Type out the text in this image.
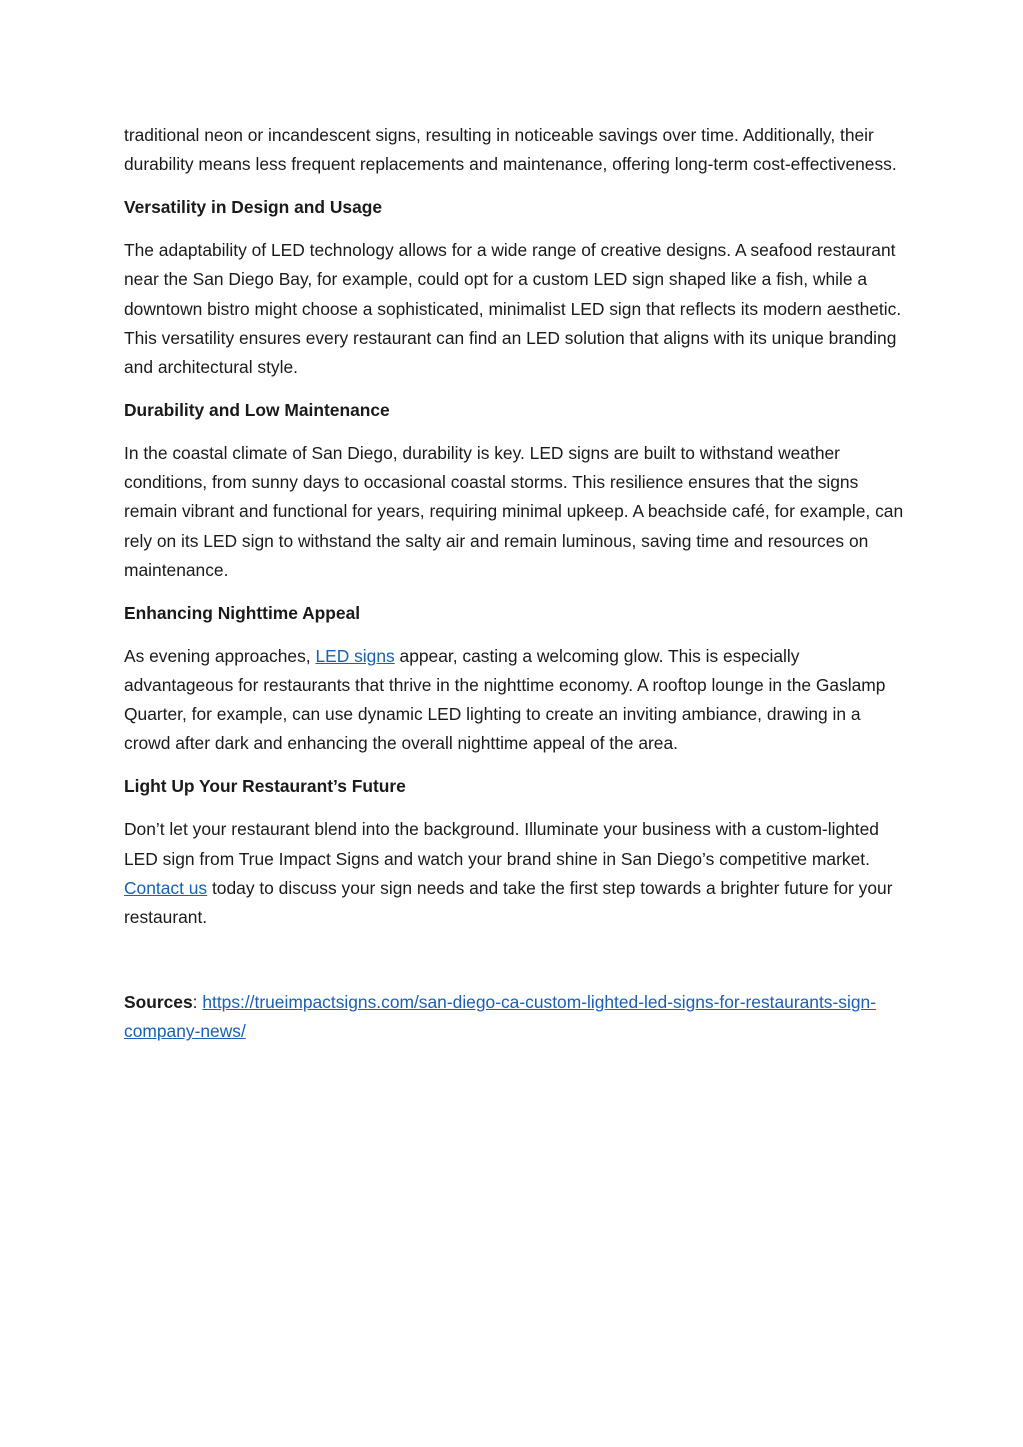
traditional neon or incandescent signs, resulting in noticeable savings over time. Additionally, their durability means less frequent replacements and maintenance, offering long-term cost-effectiveness.

Versatility in Design and Usage

The adaptability of LED technology allows for a wide range of creative designs. A seafood restaurant near the San Diego Bay, for example, could opt for a custom LED sign shaped like a fish, while a downtown bistro might choose a sophisticated, minimalist LED sign that reflects its modern aesthetic. This versatility ensures every restaurant can find an LED solution that aligns with its unique branding and architectural style.

Durability and Low Maintenance

In the coastal climate of San Diego, durability is key. LED signs are built to withstand weather conditions, from sunny days to occasional coastal storms. This resilience ensures that the signs remain vibrant and functional for years, requiring minimal upkeep. A beachside café, for example, can rely on its LED sign to withstand the salty air and remain luminous, saving time and resources on maintenance.

Enhancing Nighttime Appeal

As evening approaches, LED signs appear, casting a welcoming glow. This is especially advantageous for restaurants that thrive in the nighttime economy. A rooftop lounge in the Gaslamp Quarter, for example, can use dynamic LED lighting to create an inviting ambiance, drawing in a crowd after dark and enhancing the overall nighttime appeal of the area.

Light Up Your Restaurant’s Future

Don’t let your restaurant blend into the background. Illuminate your business with a custom-lighted LED sign from True Impact Signs and watch your brand shine in San Diego’s competitive market. Contact us today to discuss your sign needs and take the first step towards a brighter future for your restaurant.

Sources: https://trueimpactsigns.com/san-diego-ca-custom-lighted-led-signs-for-restaurants-sign-company-news/
